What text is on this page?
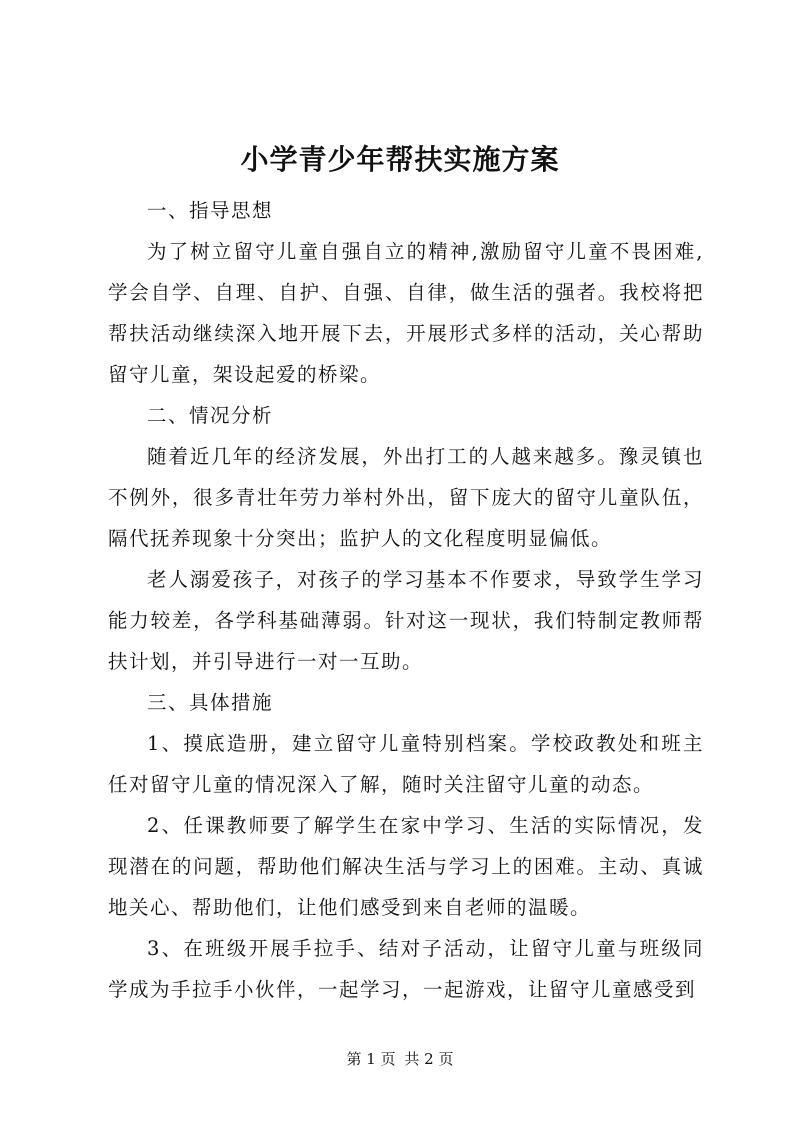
小学青少年帮扶实施方案

一、指导思想

为了树立留守儿童自强自立的精神,激励留守儿童不畏困难,学会自学、自理、自护、自强、自律，做生活的强者。我校将把帮扶活动继续深入地开展下去，开展形式多样的活动，关心帮助留守儿童，架设起爱的桥梁。

二、情况分析

随着近几年的经济发展，外出打工的人越来越多。豫灵镇也不例外，很多青壮年劳力举村外出，留下庞大的留守儿童队伍，隔代抚养现象十分突出；监护人的文化程度明显偏低。

老人溺爱孩子，对孩子的学习基本不作要求，导致学生学习能力较差，各学科基础薄弱。针对这一现状，我们特制定教师帮扶计划，并引导进行一对一互助。

三、具体措施

1、摸底造册，建立留守儿童特别档案。学校政教处和班主任对留守儿童的情况深入了解，随时关注留守儿童的动态。

2、任课教师要了解学生在家中学习、生活的实际情况，发现潜在的问题，帮助他们解决生活与学习上的困难。主动、真诚地关心、帮助他们，让他们感受到来自老师的温暖。

3、在班级开展手拉手、结对子活动，让留守儿童与班级同学成为手拉手小伙伴，一起学习，一起游戏，让留守儿童感受到

第 1 页 共 2 页
